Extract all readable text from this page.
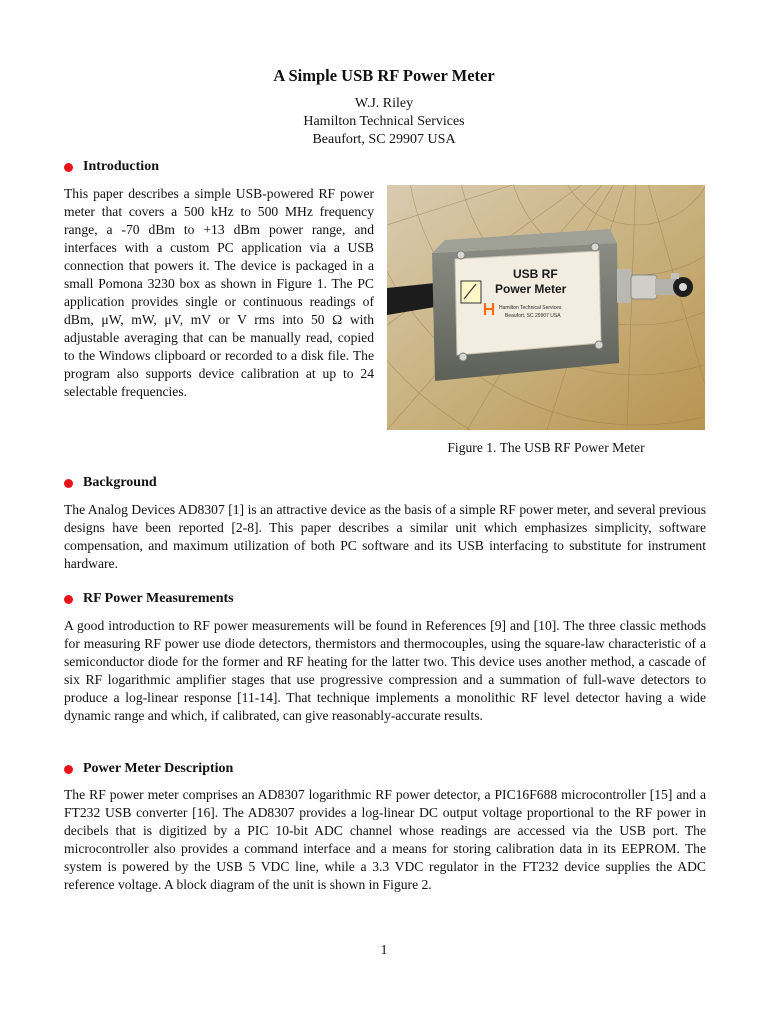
A Simple USB RF Power Meter
W.J. Riley
Hamilton Technical Services
Beaufort, SC 29907 USA
Introduction

This paper describes a simple USB-powered RF power meter that covers a 500 kHz to 500 MHz frequency range, a -70 dBm to +13 dBm power range, and interfaces with a custom PC application via a USB connection that powers it. The device is packaged in a small Pomona 3230 box as shown in Figure 1. The PC application provides single or continuous readings of dBm, μW, mW, μV, mV or V rms into 50 Ω with adjustable averaging that can be manually read, copied to the Windows clipboard or recorded to a disk file. The program also supports device calibration at up to 24 selectable frequencies.

USB RF
Power Meter
Hamilton Technical Services
Beaufort, SC 29907 USA
Figure 1. The USB RF Power Meter
Background

The Analog Devices AD8307 [1] is an attractive device as the basis of a simple RF power meter, and several previous designs have been reported [2-8]. This paper describes a similar unit which emphasizes simplicity, software compensation, and maximum utilization of both PC software and its USB interfacing to substitute for instrument hardware.

RF Power Measurements

A good introduction to RF power measurements will be found in References [9] and [10]. The three classic methods for measuring RF power use diode detectors, thermistors and thermocouples, using the square-law characteristic of a semiconductor diode for the former and RF heating for the latter two. This device uses another method, a cascade of six RF logarithmic amplifier stages that use progressive compression and a summation of full-wave detectors to produce a log-linear response [11-14]. That technique implements a monolithic RF level detector having a wide dynamic range and which, if calibrated, can give reasonably-accurate results.

Power Meter Description

The RF power meter comprises an AD8307 logarithmic RF power detector, a PIC16F688 microcontroller [15] and a FT232 USB converter [16]. The AD8307 provides a log-linear DC output voltage proportional to the RF power in decibels that is digitized by a PIC 10-bit ADC channel whose readings are accessed via the USB port. The microcontroller also provides a command interface and a means for storing calibration data in its EEPROM. The system is powered by the USB 5 VDC line, while a 3.3 VDC regulator in the FT232 device supplies the ADC reference voltage. A block diagram of the unit is shown in Figure 2.

1
